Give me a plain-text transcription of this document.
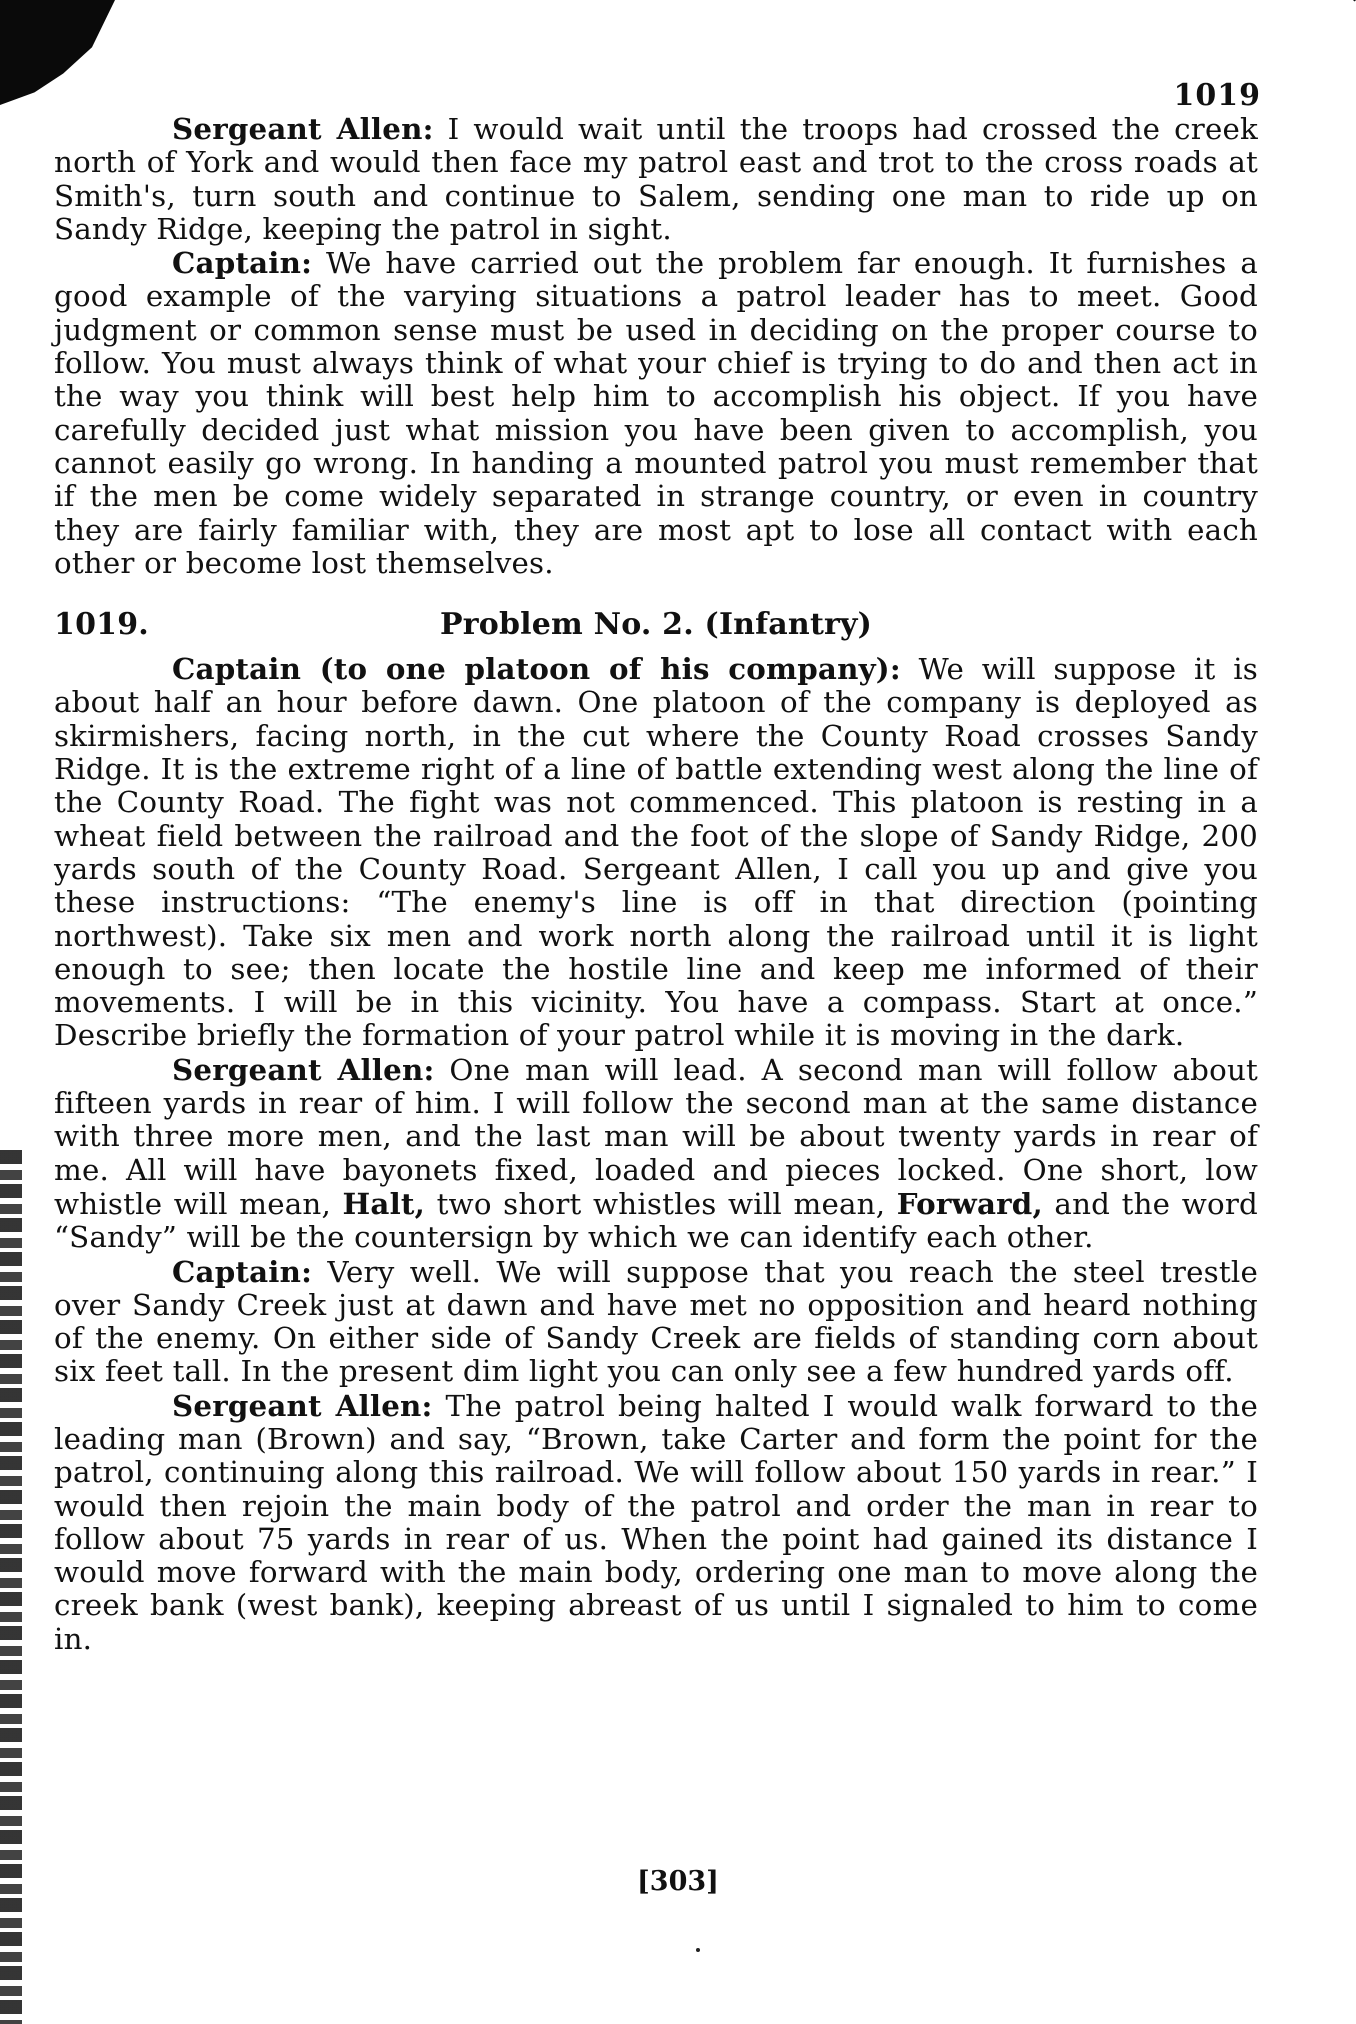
1019

Sergeant Allen: I would wait until the troops had crossed the creek north of York and would then face my patrol east and trot to the cross roads at Smith's, turn south and continue to Salem, sending one man to ride up on Sandy Ridge, keeping the patrol in sight.

Captain: We have carried out the problem far enough. It furnishes a good example of the varying situations a patrol leader has to meet. Good judgment or common sense must be used in deciding on the proper course to follow. You must always think of what your chief is trying to do and then act in the way you think will best help him to accomplish his object. If you have carefully decided just what mission you have been given to accomplish, you cannot easily go wrong. In handing a mounted patrol you must remember that if the men be come widely separated in strange country, or even in country they are fairly familiar with, they are most apt to lose all contact with each other or become lost themselves.

1019.	Problem No. 2. (Infantry)

Captain (to one platoon of his company): We will suppose it is about half an hour before dawn. One platoon of the company is deployed as skirmishers, facing north, in the cut where the County Road crosses Sandy Ridge. It is the extreme right of a line of battle extending west along the line of the County Road. The fight was not commenced. This platoon is resting in a wheat field between the railroad and the foot of the slope of Sandy Ridge, 200 yards south of the County Road. Sergeant Allen, I call you up and give you these instructions: “The enemy's line is off in that direction (pointing northwest). Take six men and work north along the railroad until it is light enough to see; then locate the hostile line and keep me informed of their movements. I will be in this vicinity. You have a compass. Start at once.” Describe briefly the formation of your patrol while it is moving in the dark.

Sergeant Allen: One man will lead. A second man will follow about fifteen yards in rear of him. I will follow the second man at the same distance with three more men, and the last man will be about twenty yards in rear of me. All will have bayonets fixed, loaded and pieces locked. One short, low whistle will mean, Halt, two short whistles will mean, Forward, and the word “Sandy” will be the countersign by which we can identify each other.

Captain: Very well. We will suppose that you reach the steel trestle over Sandy Creek just at dawn and have met no opposition and heard nothing of the enemy. On either side of Sandy Creek are fields of standing corn about six feet tall. In the present dim light you can only see a few hundred yards off.

Sergeant Allen: The patrol being halted I would walk forward to the leading man (Brown) and say, “Brown, take Carter and form the point for the patrol, continuing along this railroad. We will follow about 150 yards in rear.” I would then rejoin the main body of the patrol and order the man in rear to follow about 75 yards in rear of us. When the point had gained its distance I would move forward with the main body, ordering one man to move along the creek bank (west bank), keeping abreast of us until I signaled to him to come in.

[303]
